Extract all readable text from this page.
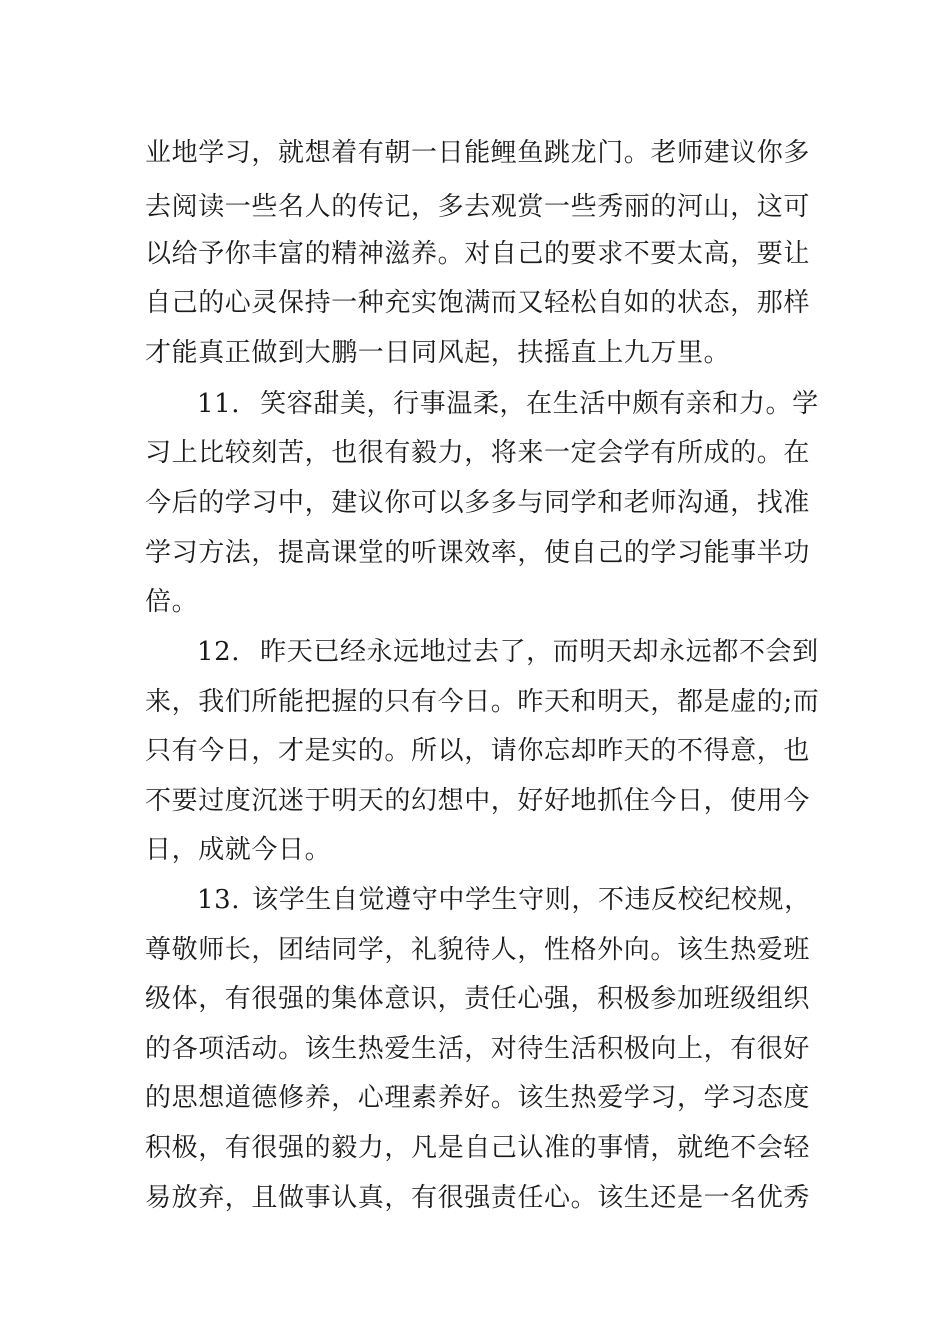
业地学习，就想着有朝一日能鲤鱼跳龙门。老师建议你多
去阅读一些名人的传记，多去观赏一些秀丽的河山，这可
以给予你丰富的精神滋养。对自己的要求不要太高，要让
自己的心灵保持一种充实饱满而又轻松自如的状态，那样
才能真正做到大鹏一日同风起，扶摇直上九万里。
11. 笑容甜美，行事温柔，在生活中颇有亲和力。学
习上比较刻苦，也很有毅力，将来一定会学有所成的。在
今后的学习中，建议你可以多多与同学和老师沟通，找准
学习方法，提高课堂的听课效率，使自己的学习能事半功
倍。
12. 昨天已经永远地过去了，而明天却永远都不会到
来，我们所能把握的只有今日。昨天和明天，都是虚的;而
只有今日，才是实的。所以，请你忘却昨天的不得意，也
不要过度沉迷于明天的幻想中，好好地抓住今日，使用今
日，成就今日。
13. 该学生自觉遵守中学生守则，不违反校纪校规，
尊敬师长，团结同学，礼貌待人，性格外向。该生热爱班
级体，有很强的集体意识，责任心强，积极参加班级组织
的各项活动。该生热爱生活，对待生活积极向上，有很好
的思想道德修养，心理素养好。该生热爱学习，学习态度
积极，有很强的毅力，凡是自己认准的事情，就绝不会轻
易放弃，且做事认真，有很强责任心。该生还是一名优秀
